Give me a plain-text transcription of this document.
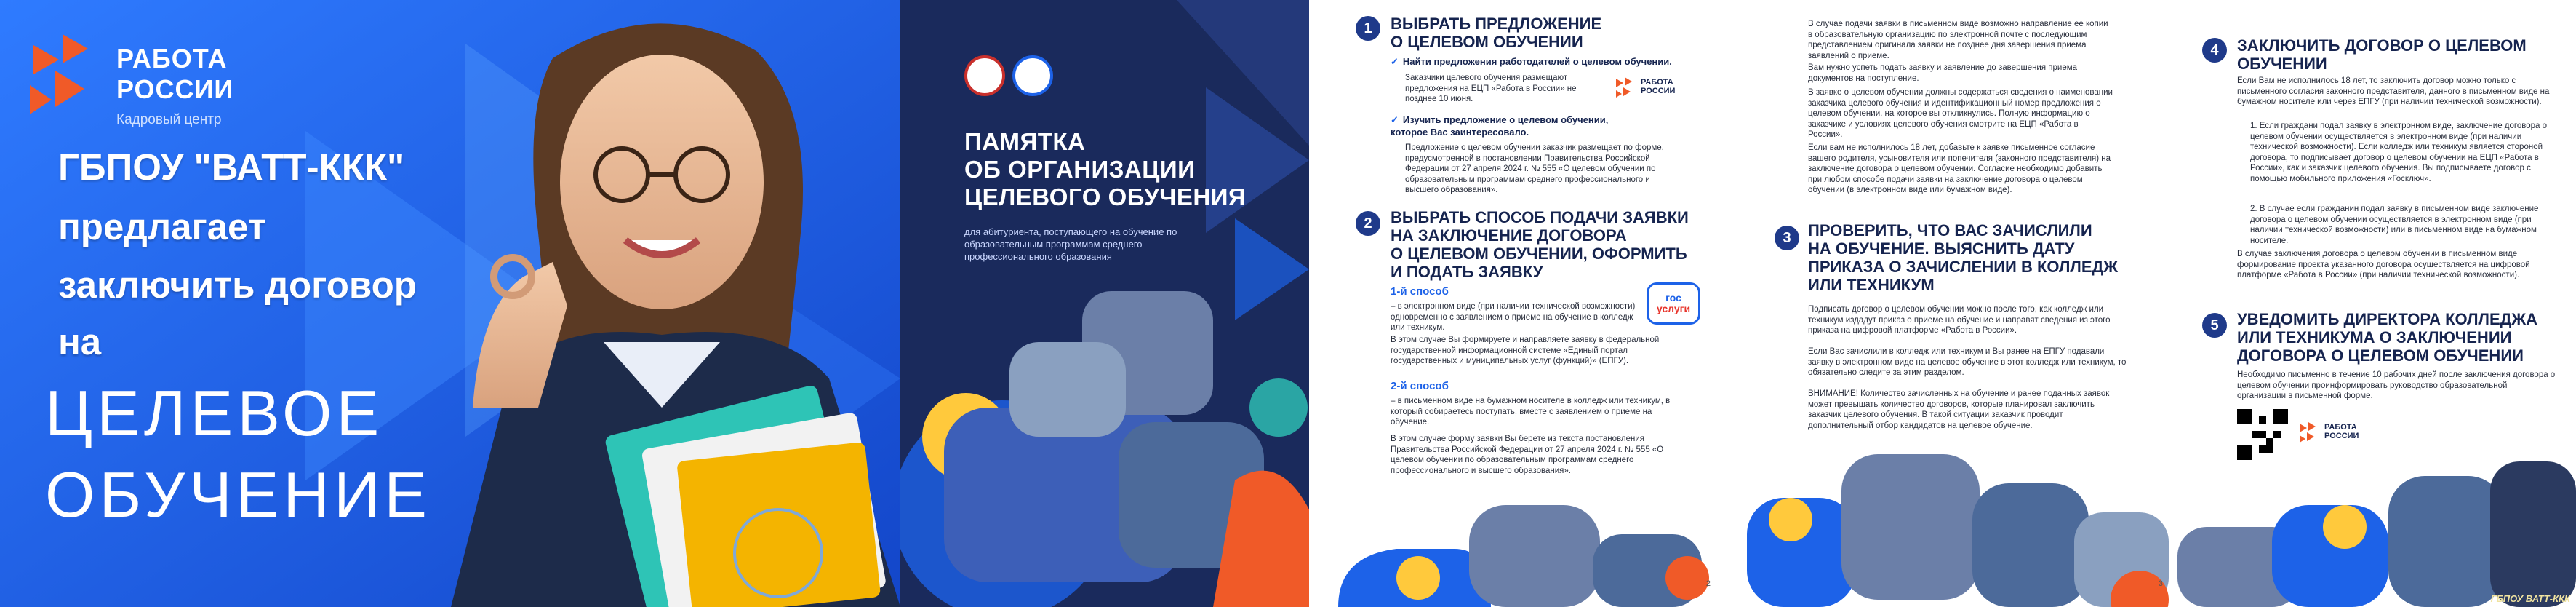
РАБОТА
РОССИИ
Кадровый центр
ГБПОУ "ВАТТ-ККК"
предлагает
заключить договор
на
ЦЕЛЕВОЕ
ОБУЧЕНИЕ
ПАМЯТКА
ОБ ОРГАНИЗАЦИИ
ЦЕЛЕВОГО ОБУЧЕНИЯ
для абитуриента, поступающего на обучение по образовательным программам среднего профессионального образования
1	ВЫБРАТЬ ПРЕДЛОЖЕНИЕ
О ЦЕЛЕВОМ ОБУЧЕНИИ
✓ Найти предложения работодателей о целевом обучении.
Заказчики целевого обучения размещают предложения на ЕЦП «Работа в России» не позднее 10 июня.
РАБОТА
РОССИИ
✓ Изучить предложение о целевом обучении, которое Вас заинтересовало.
Предложение о целевом обучении заказчик размещает по форме, предусмотренной в постановлении Правительства Российской Федерации от 27 апреля 2024 г. № 555 «О целевом обучении по образовательным программам среднего профессионального и высшего образования».
2	ВЫБРАТЬ СПОСОБ ПОДАЧИ ЗАЯВКИ
НА ЗАКЛЮЧЕНИЕ ДОГОВОРА
О ЦЕЛЕВОМ ОБУЧЕНИИ, ОФОРМИТЬ
И ПОДАТЬ ЗАЯВКУ
1-й способ
– в электронном виде (при наличии технической возможности) одновременно с заявлением о приеме на обучение в колледж или техникум.
гос
услуги
В этом случае Вы формируете и направляете заявку в федеральной государственной информационной системе «Единый портал государственных и муниципальных услуг (функций)» (ЕПГУ).
2-й способ
– в письменном виде на бумажном носителе в колледж или техникум, в который собираетесь поступать, вместе с заявлением о приеме на обучение.
В этом случае форму заявки Вы берете из текста постановления Правительства Российской Федерации от 27 апреля 2024 г. № 555 «О целевом обучении по образовательным программам среднего профессионального и высшего образования».
2
В случае подачи заявки в письменном виде возможно направление ее копии в образовательную организацию по электронной почте с последующим представлением оригинала заявки не позднее дня завершения приема заявлений о приеме.
Вам нужно успеть подать заявку и заявление до завершения приема документов на поступление.
В заявке о целевом обучении должны содержаться сведения о наименовании заказчика целевого обучения и идентификационный номер предложения о целевом обучении, на которое вы откликнулись. Полную информацию о заказчике и условиях целевого обучения смотрите на ЕЦП «Работа в России».
Если вам не исполнилось 18 лет, добавьте к заявке письменное согласие вашего родителя, усыновителя или попечителя (законного представителя) на заключение договора о целевом обучении. Согласие необходимо добавить при любом способе подачи заявки на заключение договора о целевом обучении (в электронном виде или бумажном виде).
3	ПРОВЕРИТЬ, ЧТО ВАС ЗАЧИСЛИЛИ
НА ОБУЧЕНИЕ. ВЫЯСНИТЬ ДАТУ
ПРИКАЗА О ЗАЧИСЛЕНИИ В КОЛЛЕДЖ
ИЛИ ТЕХНИКУМ
Подписать договор о целевом обучении можно после того, как колледж или техникум издадут приказ о приеме на обучение и направят сведения из этого приказа на цифровой платформе «Работа в России».
Если Вас зачислили в колледж или техникум и Вы ранее на ЕПГУ подавали заявку в электронном виде на целевое обучение в этот колледж или техникум, то обязательно следите за этим разделом.
ВНИМАНИЕ! Количество зачисленных на обучение и ранее поданных заявок может превышать количество договоров, которые планировал заключить заказчик целевого обучения. В такой ситуации заказчик проводит дополнительный отбор кандидатов на целевое обучение.
3
4	ЗАКЛЮЧИТЬ ДОГОВОР О ЦЕЛЕВОМ
ОБУЧЕНИИ
Если Вам не исполнилось 18 лет, то заключить договор можно только с письменного согласия законного представителя, данного в письменном виде на бумажном носителе или через ЕПГУ (при наличии технической возможности).
1. Если граждани подал заявку в электронном виде, заключение договора о целевом обучении осуществляется в электронном виде (при наличии технической возможности). Если колледж или техникум является стороной договора, то подписывает договор о целевом обучении на ЕЦП «Работа в России», как и заказчик целевого обучения. Вы подписываете договор с помощью мобильного приложения «Госключ».
2. В случае если гражданин подал заявку в письменном виде заключение договора о целевом обучении осуществляется в электронном виде (при наличии технической возможности) или в письменном виде на бумажном носителе.
В случае заключения договора о целевом обучении в письменном виде формирование проекта указанного договора осуществляется на цифровой платформе «Работа в России» (при наличии технической возможности).
5	УВЕДОМИТЬ ДИРЕКТОРА КОЛЛЕДЖА
ИЛИ ТЕХНИКУМА О ЗАКЛЮЧЕНИИ
ДОГОВОРА О ЦЕЛЕВОМ ОБУЧЕНИИ
Необходимо письменно в течение 10 рабочих дней после заключения договора о целевом обучении проинформировать руководство образовательной организации в письменной форме.
РАБОТА
РОССИИ
ГБПОУ ВАТТ-ККК
